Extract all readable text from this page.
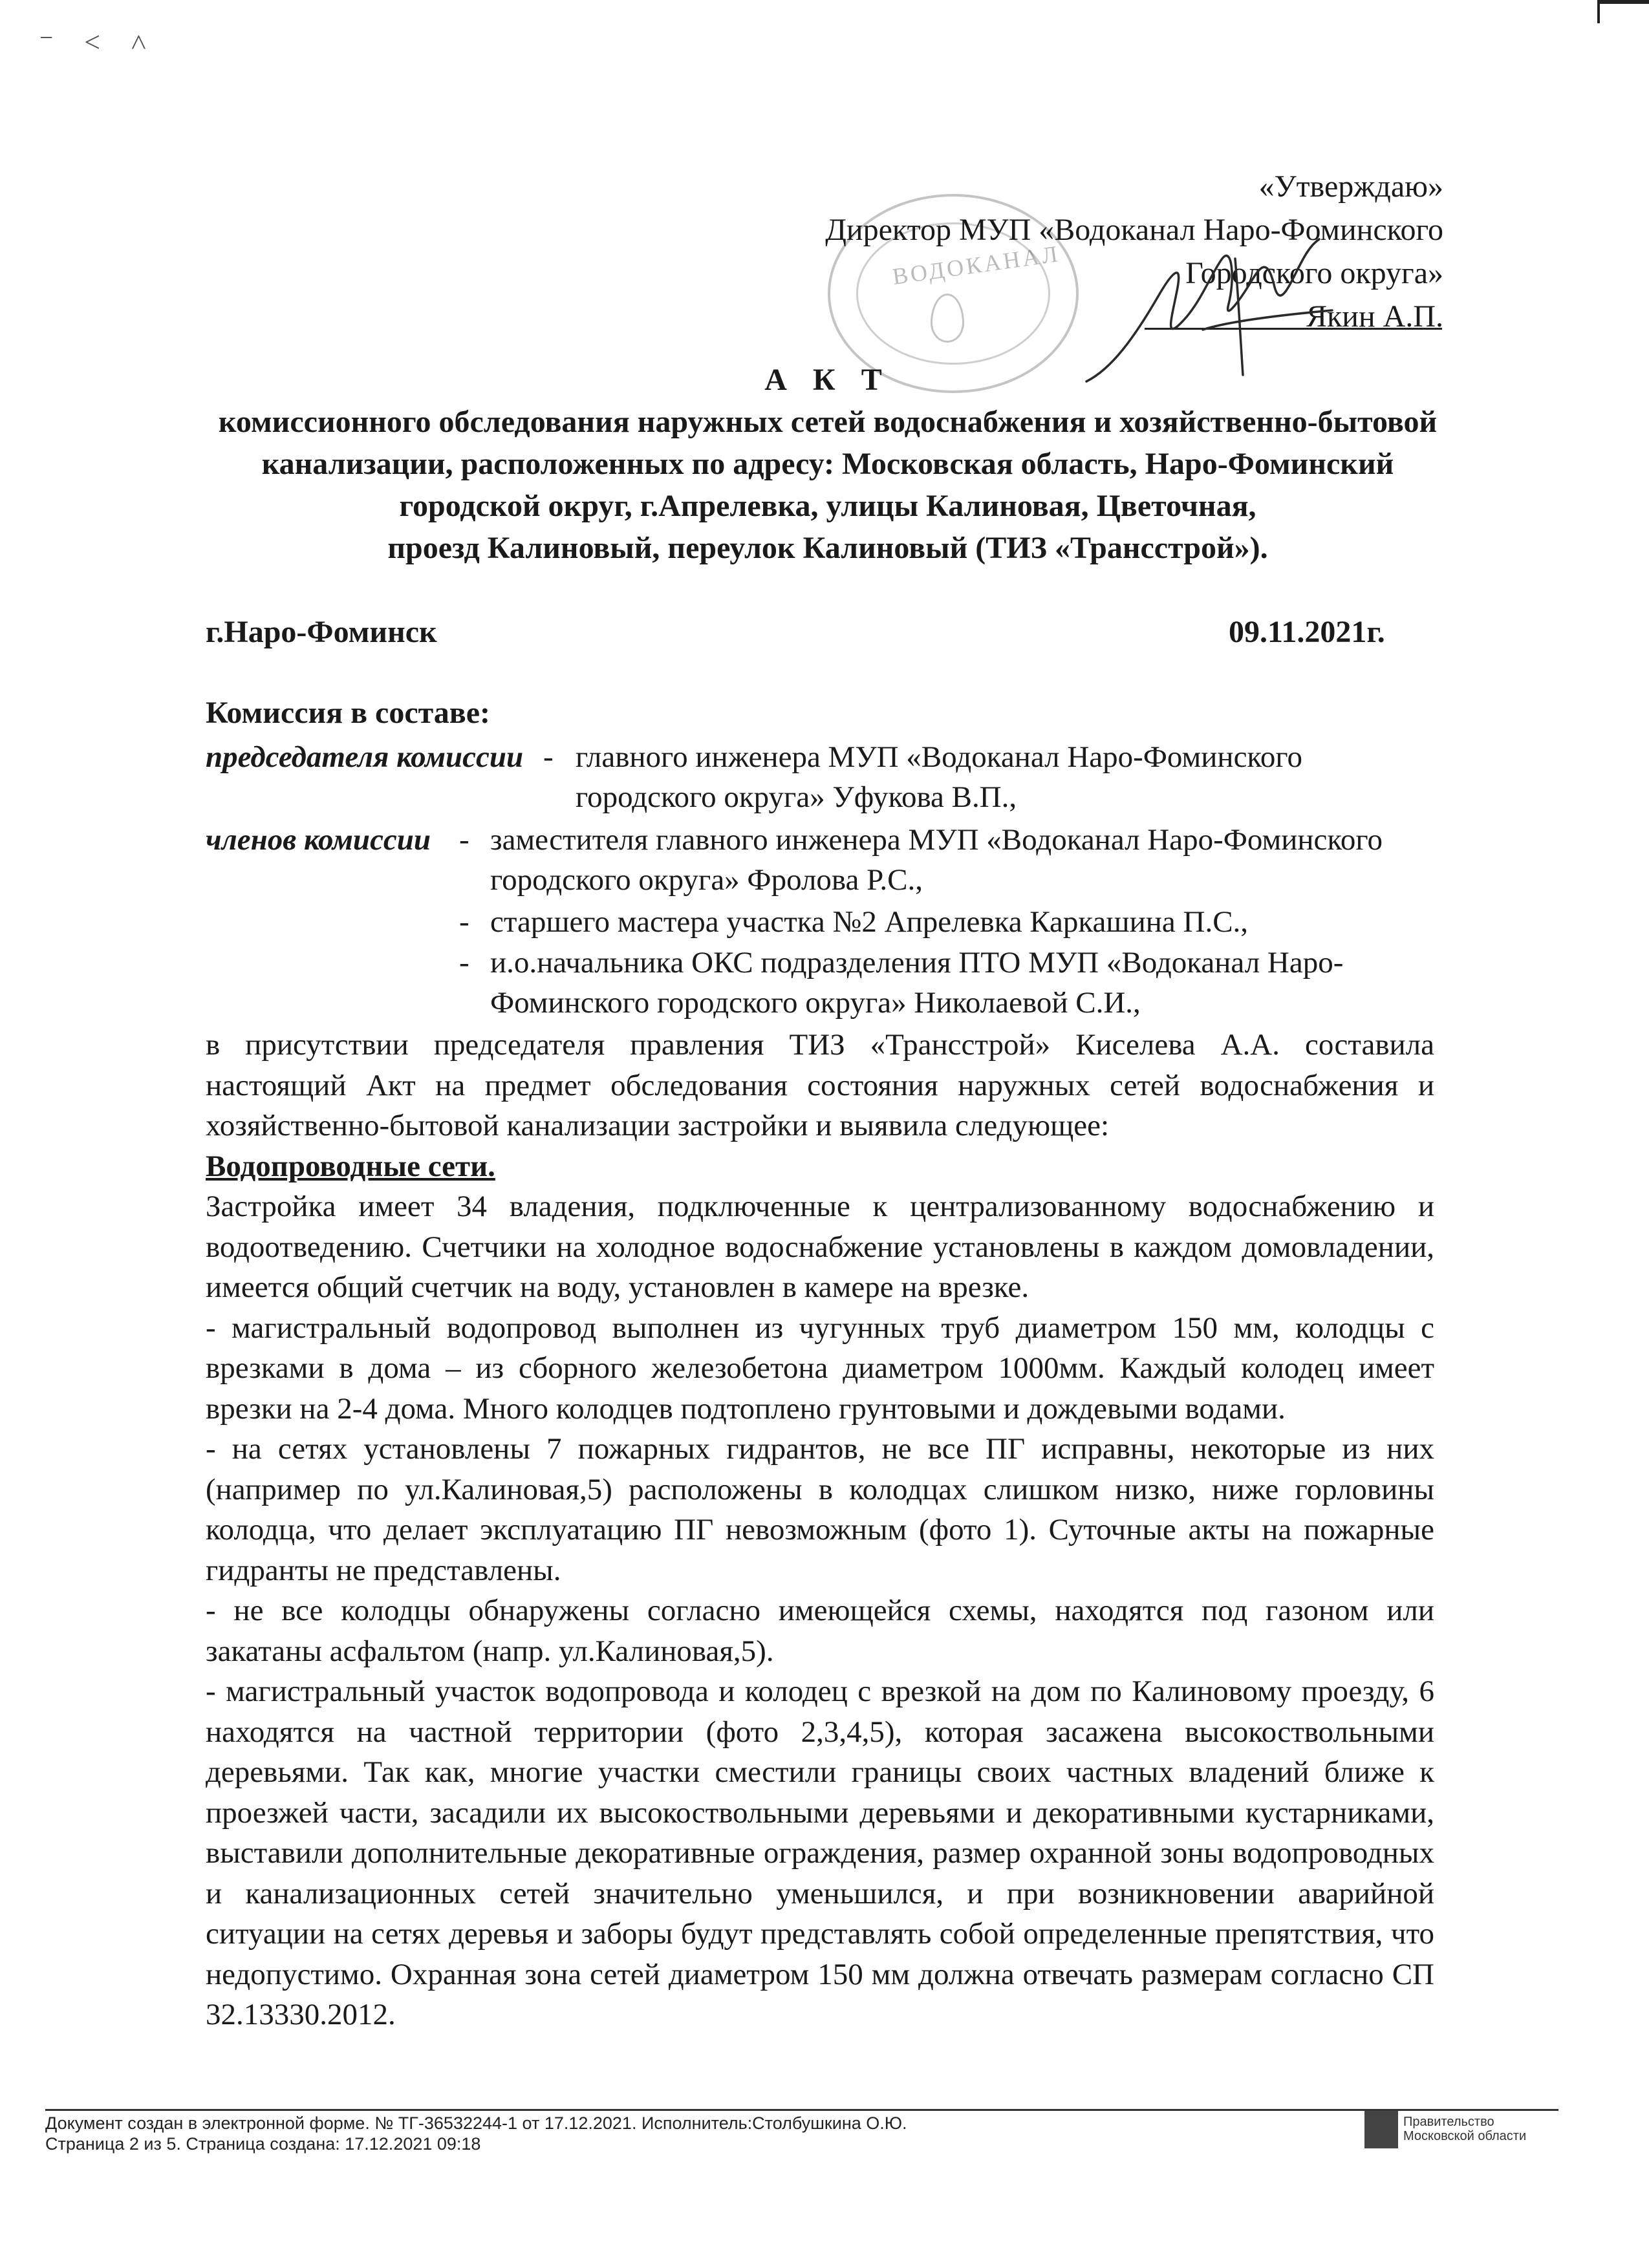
⁻ ˂ ˄
ВОДОКАНАЛ
«Утверждаю»
Директор МУП «Водоканал Наро-Фоминского
Городского округа»
Якин А.П.
А К Т
комиссионного обследования наружных сетей водоснабжения и хозяйственно-бытовой
канализации, расположенных по адресу: Московская область, Наро-Фоминский
городской округ, г.Апрелевка, улицы Калиновая, Цветочная,
проезд Калиновый, переулок Калиновый (ТИЗ «Трансстрой»).
г.Наро-Фоминск	09.11.2021г.
Комиссия в составе:
председателя комиссии - главного инженера МУП «Водоканал Наро-Фоминского
городского округа» Уфукова В.П.,
членов комиссии - заместителя главного инженера МУП «Водоканал Наро-Фоминского
городского округа» Фролова Р.С.,
- старшего мастера участка №2 Апрелевка Каркашина П.С.,
- и.о.начальника ОКС подразделения ПТО МУП «Водоканал Наро-
Фоминского городского округа» Николаевой С.И.,

в присутствии председателя правления ТИЗ «Трансстрой» Киселева А.А. составила настоящий Акт на предмет обследования состояния наружных сетей водоснабжения и хозяйственно-бытовой канализации застройки и выявила следующее:

Водопроводные сети.

Застройка имеет 34 владения, подключенные к централизованному водоснабжению и водоотведению. Счетчики на холодное водоснабжение установлены в каждом домовладении, имеется общий счетчик на воду, установлен в камере на врезке.

- магистральный водопровод выполнен из чугунных труб диаметром 150 мм, колодцы с врезками в дома – из сборного железобетона диаметром 1000мм. Каждый колодец имеет врезки на 2-4 дома. Много колодцев подтоплено грунтовыми и дождевыми водами.

- на сетях установлены 7 пожарных гидрантов, не все ПГ исправны, некоторые из них (например по ул.Калиновая,5) расположены в колодцах слишком низко, ниже горловины колодца, что делает эксплуатацию ПГ невозможным (фото 1). Суточные акты на пожарные гидранты не представлены.

- не все колодцы обнаружены согласно имеющейся схемы, находятся под газоном или закатаны асфальтом (напр. ул.Калиновая,5).

- магистральный участок водопровода и колодец с врезкой на дом по Калиновому проезду, 6 находятся на частной территории (фото 2,3,4,5), которая засажена высокоствольными деревьями. Так как, многие участки сместили границы своих частных владений ближе к проезжей части, засадили их высокоствольными деревьями и декоративными кустарниками, выставили дополнительные декоративные ограждения, размер охранной зоны водопроводных и канализационных сетей значительно уменьшился, и при возникновении аварийной ситуации на сетях деревья и заборы будут представлять собой определенные препятствия, что недопустимо. Охранная зона сетей диаметром 150 мм должна отвечать размерам согласно СП 32.13330.2012.

Документ создан в электронной форме. № ТГ-36532244-1 от 17.12.2021. Исполнитель:Столбушкина О.Ю.
Страница 2 из 5. Страница создана: 17.12.2021 09:18
Правительство
Московской области
